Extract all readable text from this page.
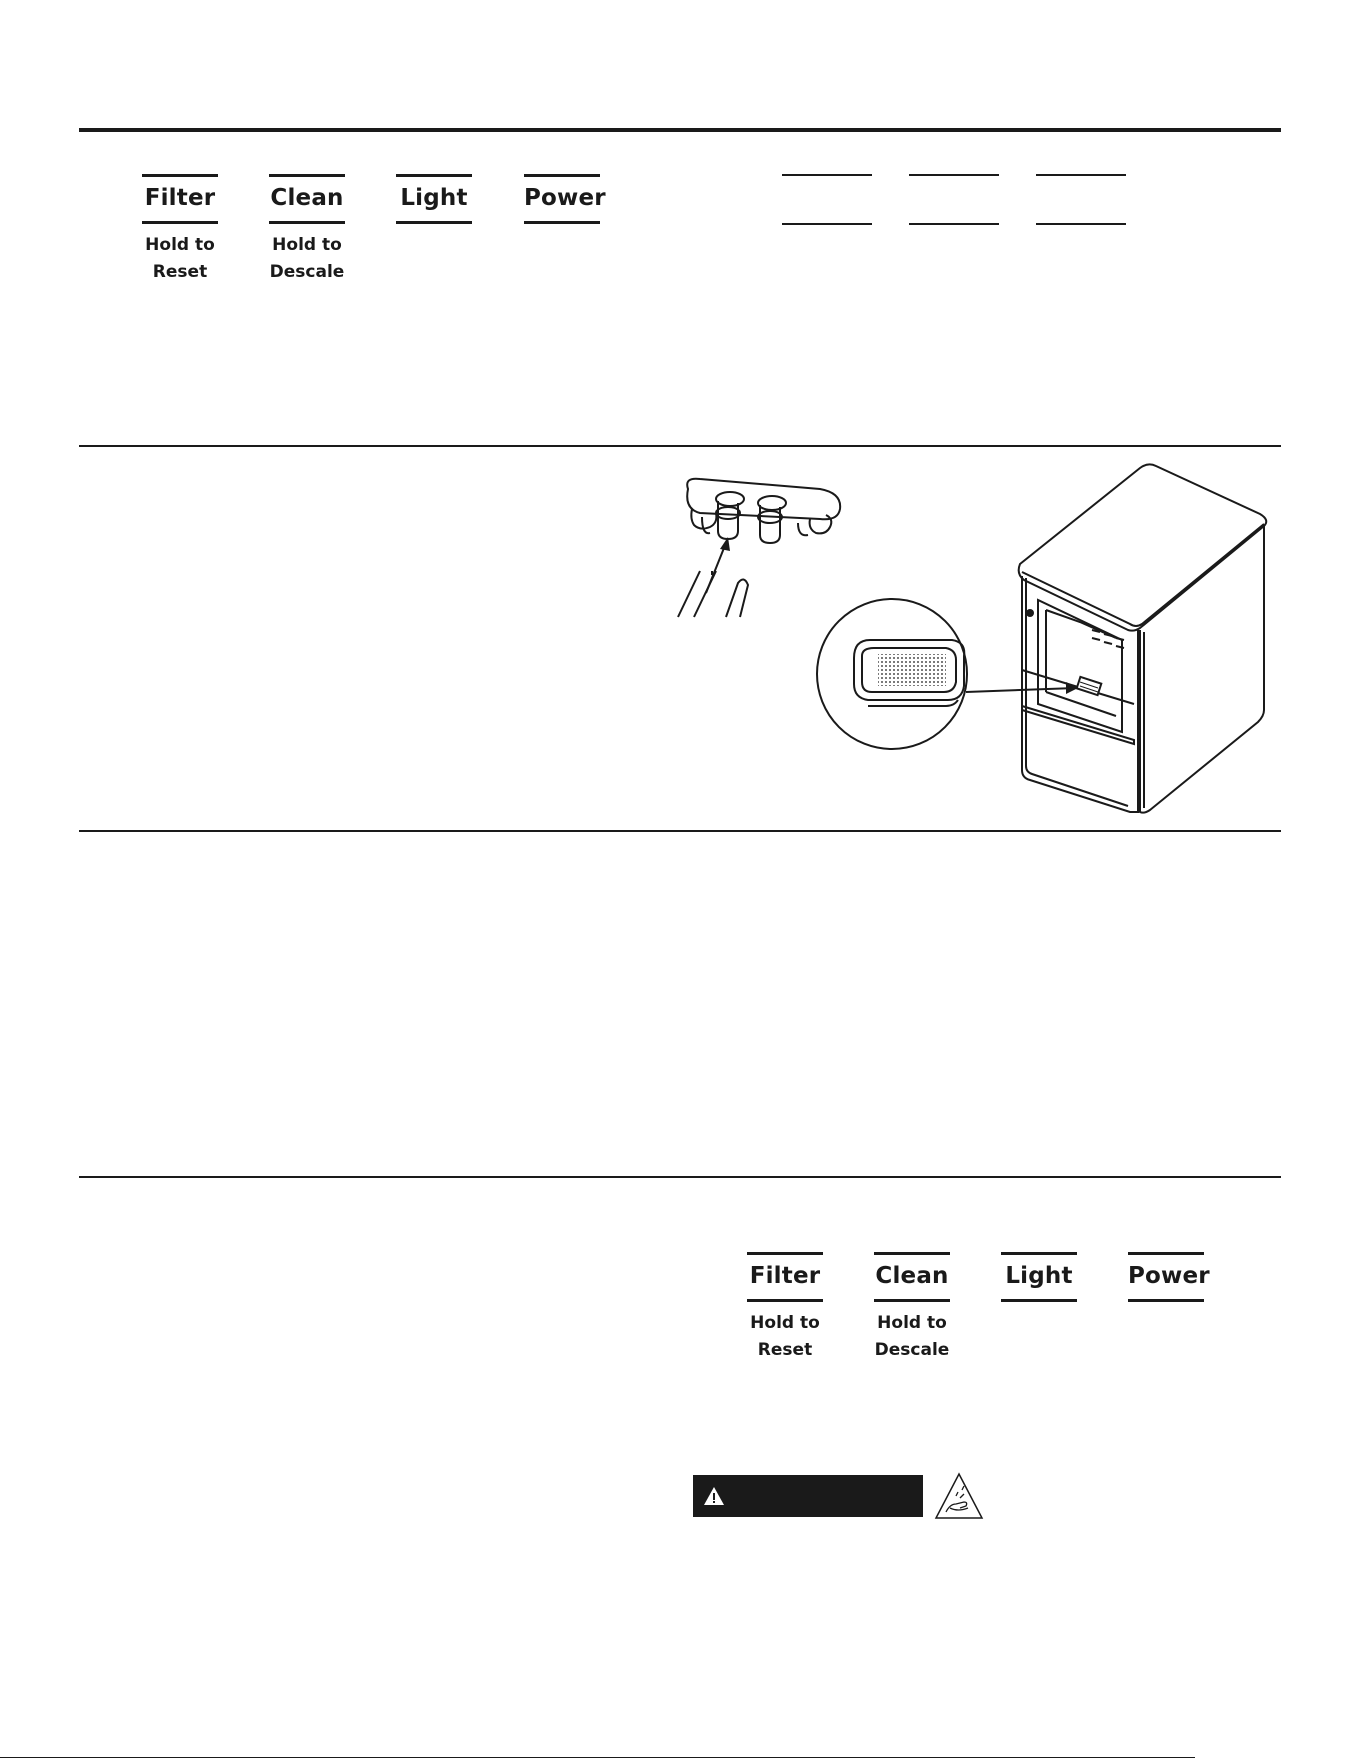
Filter
Hold to
Reset
Clean
Hold to
Descale
Light Power
Filter
Hold to
Reset
Clean
Hold to
Descale
Light Power
